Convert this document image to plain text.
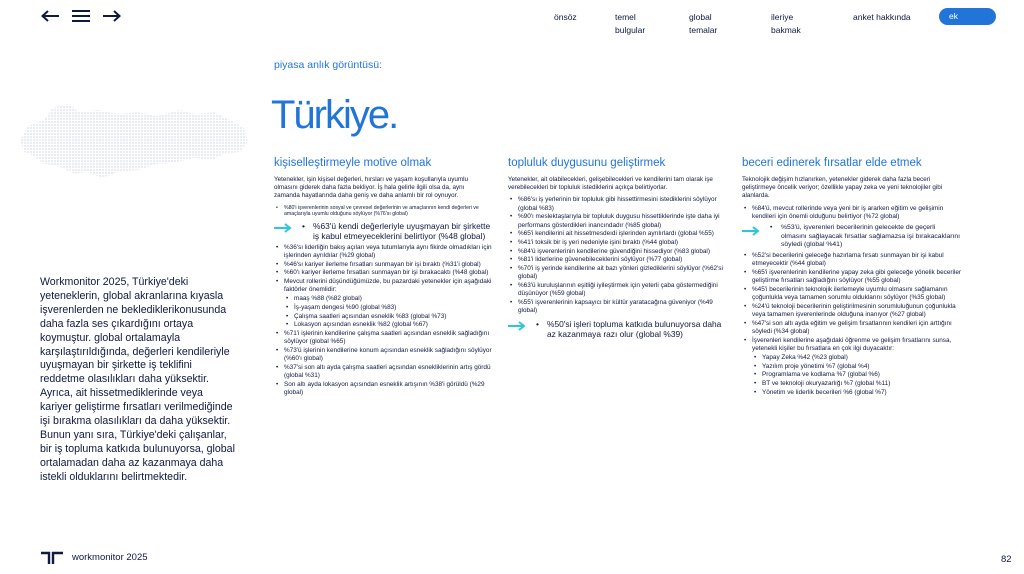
önsöz	temel bulgular
global temalar
ileriye bakmak
anket hakkında	ek

Workmonitor 2025, Türkiye'deki yeteneklerin, global akranlarına kıyasla işverenlerden ne beklediklerikonusunda daha fazla ses çıkardığını ortaya koymuştur. global ortalamayla karşılaştırıldığında, değerleri kendileriyle uyuşmayan bir şirkette iş teklifini reddetme olasılıkları daha yüksektir. Ayrıca, ait hissetmediklerinde veya kariyer geliştirme fırsatları verilmediğinde işi bırakma olasılıkları da daha yüksektir. Bunun yanı sıra, Türkiye'deki çalışanlar, bir iş topluma katkıda bulunuyorsa, global ortalamadan daha az kazanmaya daha istekli olduklarını belirtmektedir.

piyasa anlık görüntüsü:
Türkiye.
kişiselleştirmeyle motive olmak

Yetenekler, işin kişisel değerleri, hırsları ve yaşam koşullarıyla uyumlu olmasını giderek daha fazla bekliyor. İş hala gelirle ilgili olsa da, aynı zamanda hayatlarında daha geniş ve daha anlamlı bir rol oynuyor.

• %80'i işverenlerinin sosyal ve çevresel değerlerinin ve amaçlarının kendi değerleri ve amaçlarıyla uyumlu olduğunu söylüyor (%76'sı global)
• %63'ü kendi değerleriyle uyuşmayan bir şirkette iş kabul etmeyeceklerini belirtiyor (%48 global)
• %36'sı liderliğin bakış açıları veya tutumlarıyla aynı fikirde olmadıkları için işlerinden ayrıldılar (%29 global)
• %46'sı kariyer ilerleme fırsatları sunmayan bir işi bıraktı (%31'i global)
• %60'ı kariyer ilerleme fırsatları sunmayan bir işi bırakacaktı (%48 global)
• Mevcut rollerini düşündüğümüzde, bu pazardaki yetenekler için aşağıdaki faktörler önemlidir:
• maaş %88 (%82 global)
• İş-yaşam dengesi %90 (global %83)
• Çalışma saatleri açısından esneklik %83 (global %73)
• Lokasyon açısından esneklik %82 (global %67)
• %71'i işlerinin kendilerine çalışma saatleri açısından esneklik sağladığını söylüyor (global %65)
• %73'ü işlerinin kendilerine konum açısından esneklik sağladığını söylüyor (%60'ı global)
• %37'si son altı ayda çalışma saatleri açısından esnekliklerinin artış gördü (global %31)
• Son altı ayda lokasyon açısından esneklik artışının %38'i görüldü (%29 global)
topluluk duygusunu geliştirmek

Yetenekler, ait olabilecekleri, gelişebilecekleri ve kendilerini tam olarak işe verebilecekleri bir topluluk istediklerini açıkça belirtiyorlar.

• %86'sı iş yerlerinin bir topluluk gibi hissettirmesini istediklerini söylüyor (global %83)
• %90'ı meslektaşlarıyla bir topluluk duygusu hissettiklerinde işte daha iyi performans gösterdikleri inancındadır (%85 global)
• %65'i kendilerini ait hissetmesdeıdi işlerinden ayrılırlardı (global %55)
• %41'i toksik bir iş yeri nedeniyle işini bıraktı (%44 global)
• %84'ü işverenlerinin kendilerine güvendiğini hissediyor (%83 global)
• %81'i liderlerine güvenebileceklerini söylüyor (%77 global)
• %70'i iş yerinde kendilerine ait bazı yönleri gizlediklerini söylüyor (%62'si global)
• %63'ü kuruluşlarının eşitliği iyileştirmek için yeterli çaba göstermediğini düşünüyor (%59 global)
• %55'i işverenlerinin kapsayıcı bir kültür yaratacağına güveniyor (%49 global)
• %50'si işleri topluma katkıda bulunuyorsa daha az kazanmaya razı olur (global %39)
beceri edinerek fırsatlar elde etmek

Teknolojik değişim hızlanırken, yetenekler giderek daha fazla beceri geliştirmeye öncelik veriyor; özellikle yapay zeka ve yeni teknolojiler gibi alanlarda.

• %84'ü, mevcut rollerinde veya yeni bir iş ararken eğitim ve gelişimin kendileri için önemli olduğunu belirtiyor (%72 global)
• %53'ü, işverenleri becerilerinin gelecekte de geçerli olmasını sağlayacak fırsatlar sağlamazsa işi bırakacaklarını söyledi (global %41)
• %52'si becerilerini geleceğe hazırlama fırsatı sunmayan bir işi kabul etmeyecektir (%44 global)
• %65'i işverenlerinin kendilerine yapay zeka gibi geleceğe yönelik beceriler geliştirme fırsatları sağladığını söylüyor (%55 global)
• %45'i becerilerinin teknolojik ilerlemeyle uyumlu olmasını sağlamanın çoğunlukla veya tamamen sorumlu olduklarını söylüyor (%35 global)
• %24'ü teknoloji becerilerinin geliştirilmesinin sorumluluğunun çoğunlukla veya tamamen işverenlerinde olduğuna inanıyor (%27 global)
• %47'si son altı ayda eğitim ve gelişim fırsatlarının kendileri için arttığını söyledi (%34 global)
• İşverenleri kendilerine aşağıdaki öğrenme ve gelişim fırsatlarını sunsa, yetenekli kişiler bu fırsatlara en çok ilgi duyacaktır:
• Yapay Zeka %42 (%23 global)
• Yazılım proje yönetimi %7 (global %4)
• Programlama ve kodlama %7 (global %6)
• BT ve teknoloji okuryazarlığı %7 (global %11)
• Yönetim ve liderlik becerileri %6 (global %7)
workmonitor 2025	82
